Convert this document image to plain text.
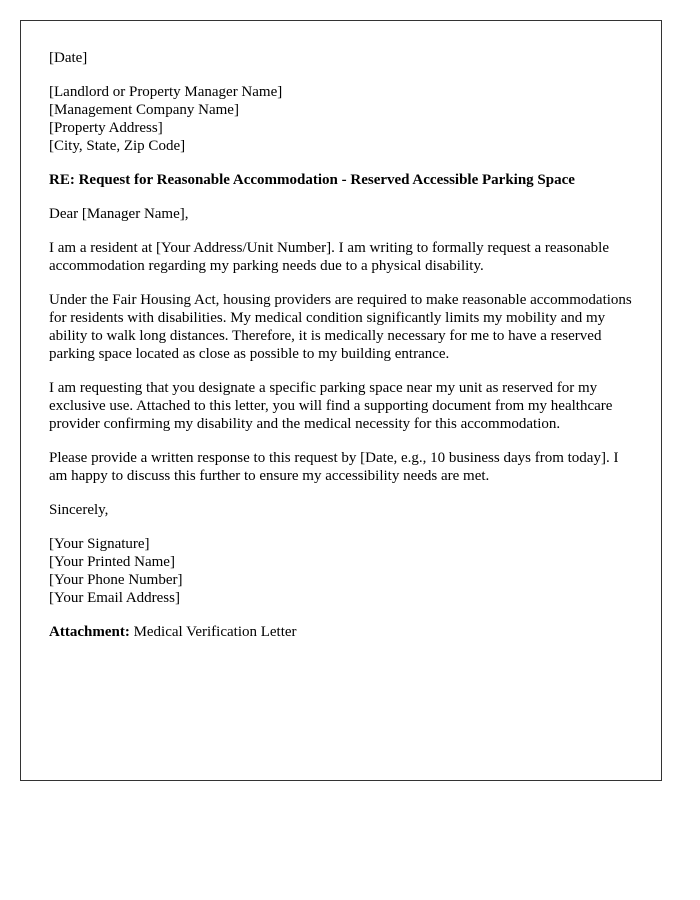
[Date]

[Landlord or Property Manager Name]
[Management Company Name]
[Property Address]
[City, State, Zip Code]

RE: Request for Reasonable Accommodation - Reserved Accessible Parking Space

Dear [Manager Name],

I am a resident at [Your Address/Unit Number]. I am writing to formally request a reasonable accommodation regarding my parking needs due to a physical disability.

Under the Fair Housing Act, housing providers are required to make reasonable accommodations for residents with disabilities. My medical condition significantly limits my mobility and my ability to walk long distances. Therefore, it is medically necessary for me to have a reserved parking space located as close as possible to my building entrance.

I am requesting that you designate a specific parking space near my unit as reserved for my exclusive use. Attached to this letter, you will find a supporting document from my healthcare provider confirming my disability and the medical necessity for this accommodation.

Please provide a written response to this request by [Date, e.g., 10 business days from today]. I am happy to discuss this further to ensure my accessibility needs are met.

Sincerely,

[Your Signature]
[Your Printed Name]
[Your Phone Number]
[Your Email Address]

Attachment: Medical Verification Letter
